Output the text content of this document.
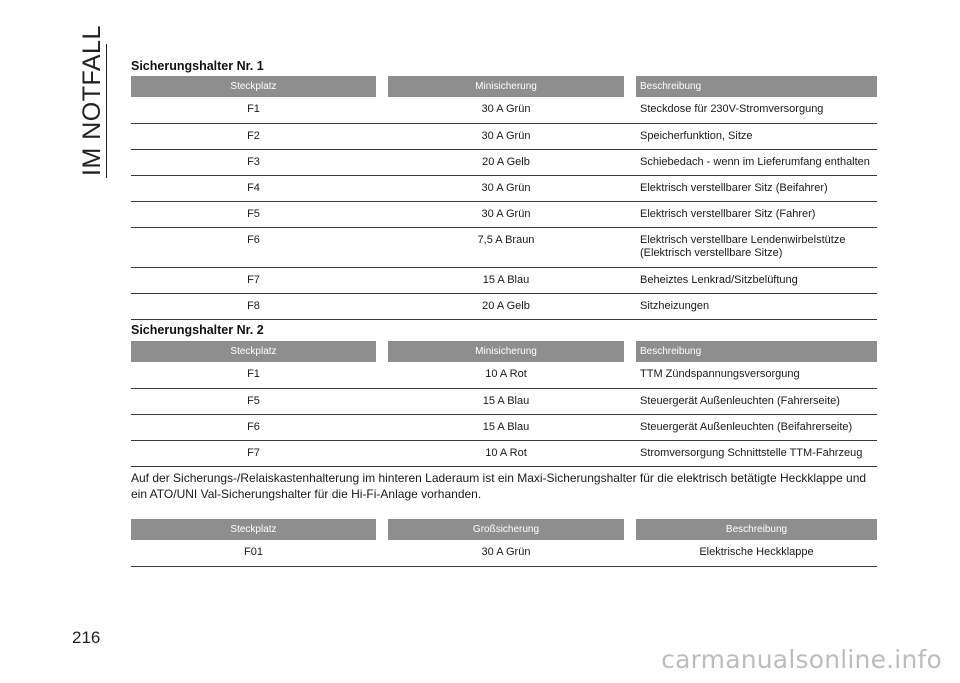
IM NOTFALL Sicherungshalter Nr. 1
Steckplatz		Minisicherung		Beschreibung
F1		30 A Grün		Steckdose für 230V-Stromversorgung
F2		30 A Grün		Speicherfunktion, Sitze
F3		20 A Gelb		Schiebedach - wenn im Lieferumfang enthalten
F4		30 A Grün		Elektrisch verstellbarer Sitz (Beifahrer)
F5		30 A Grün		Elektrisch verstellbarer Sitz (Fahrer)
F6		7,5 A Braun		Elektrisch verstellbare Lendenwirbelstütze
(Elektrisch verstellbare Sitze)

F7		15 A Blau		Beheiztes Lenkrad/Sitzbelüftung
F8		20 A Gelb		Sitzheizungen
Sicherungshalter Nr. 2
Steckplatz		Minisicherung		Beschreibung
F1		10 A Rot		TTM Zündspannungsversorgung
F5		15 A Blau		Steuergerät Außenleuchten (Fahrerseite)
F6		15 A Blau		Steuergerät Außenleuchten (Beifahrerseite)
F7		10 A Rot		Stromversorgung Schnittstelle TTM-Fahrzeug
Auf der Sicherungs-/Relaiskastenhalterung im hinteren Laderaum ist ein Maxi-Sicherungshalter für die elektrisch betätigte Heckklappe und ein ATO/UNI Val-Sicherungshalter für die Hi-Fi-Anlage vorhanden.
Steckplatz		Großsicherung		Beschreibung
F01		30 A Grün		Elektrische Heckklappe
216
carmanualsonline.info
